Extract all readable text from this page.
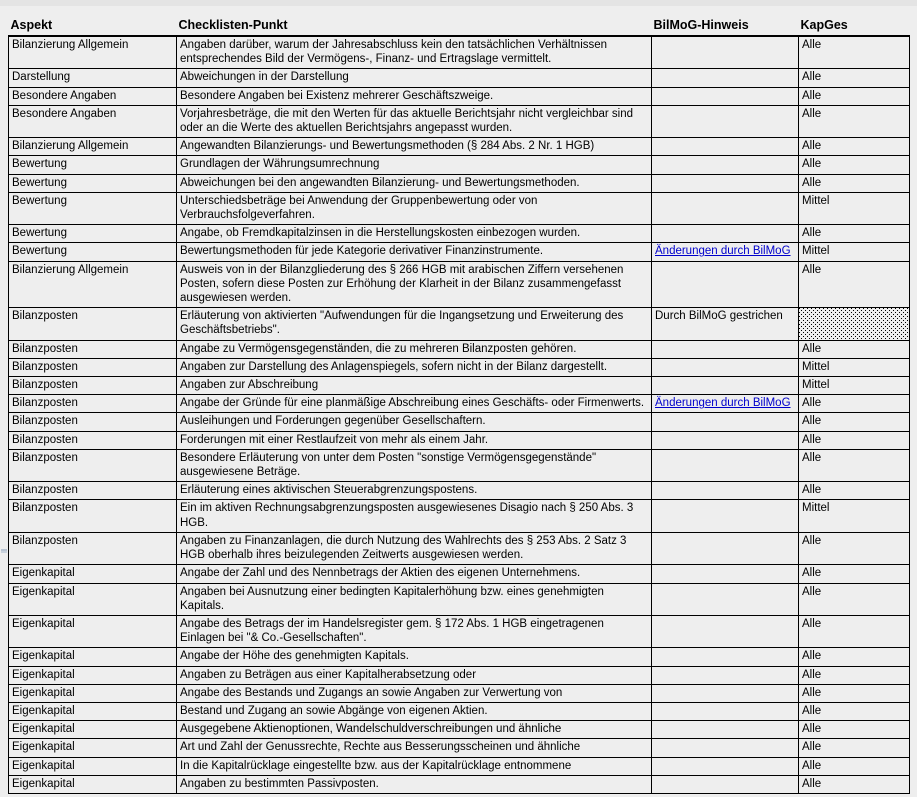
Aspekt	Checklisten-Punkt	BilMoG-Hinweis	KapGes
Bilanzierung Allgemein	Angaben darüber, warum der Jahresabschluss kein den tatsächlichen Verhältnissen entsprechendes Bild der Vermögens-, Finanz- und Ertragslage vermittelt.		Alle
Darstellung	Abweichungen in der Darstellung		Alle
Besondere Angaben	Besondere Angaben bei Existenz mehrerer Geschäftszweige.		Alle
Besondere Angaben	Vorjahresbeträge, die mit den Werten für das aktuelle Berichtsjahr nicht vergleichbar sind oder an die Werte des aktuellen Berichtsjahrs angepasst wurden.		Alle
Bilanzierung Allgemein	Angewandten Bilanzierungs- und Bewertungsmethoden (§ 284 Abs. 2 Nr. 1 HGB)		Alle
Bewertung	Grundlagen der Währungsumrechnung		Alle
Bewertung	Abweichungen bei den angewandten Bilanzierung- und Bewertungsmethoden.		Alle
Bewertung	Unterschiedsbeträge bei Anwendung der Gruppenbewertung oder von Verbrauchsfolgeverfahren.		Mittel
Bewertung	Angabe, ob Fremdkapitalzinsen in die Herstellungskosten einbezogen wurden.		Alle
Bewertung	Bewertungsmethoden für jede Kategorie derivativer Finanzinstrumente.	Änderungen durch BilMoG	Mittel
Bilanzierung Allgemein	Ausweis von in der Bilanzgliederung des § 266 HGB mit arabischen Ziffern versehenen Posten, sofern diese Posten zur Erhöhung der Klarheit in der Bilanz zusammengefasst ausgewiesen werden.		Alle
Bilanzposten	Erläuterung von aktivierten "Aufwendungen für die Ingangsetzung und Erweiterung des Geschäftsbetriebs".	Durch BilMoG gestrichen	
Bilanzposten	Angabe zu Vermögensgegenständen, die zu mehreren Bilanzposten gehören.		Alle
Bilanzposten	Angaben zur Darstellung des Anlagenspiegels, sofern nicht in der Bilanz dargestellt.		Mittel
Bilanzposten	Angaben zur Abschreibung		Mittel
Bilanzposten	Angabe der Gründe für eine planmäßige Abschreibung eines Geschäfts- oder Firmenwerts.	Änderungen durch BilMoG	Alle
Bilanzposten	Ausleihungen und Forderungen gegenüber Gesellschaftern.		Alle
Bilanzposten	Forderungen mit einer Restlaufzeit von mehr als einem Jahr.		Alle
Bilanzposten	Besondere Erläuterung von unter dem Posten "sonstige Vermögensgegenstände" ausgewiesene Beträge.		Alle
Bilanzposten	Erläuterung eines aktivischen Steuerabgrenzungspostens.		Alle
Bilanzposten	Ein im aktiven Rechnungsabgrenzungsposten ausgewiesenes Disagio nach § 250 Abs. 3 HGB.		Mittel
Bilanzposten	Angaben zu Finanzanlagen, die durch Nutzung des Wahlrechts des § 253 Abs. 2 Satz 3 HGB oberhalb ihres beizulegenden Zeitwerts ausgewiesen werden.		Alle
Eigenkapital	Angabe der Zahl und des Nennbetrags der Aktien des eigenen Unternehmens.		Alle
Eigenkapital	Angaben bei Ausnutzung einer bedingten Kapitalerhöhung bzw. eines genehmigten Kapitals.		Alle
Eigenkapital	Angabe des Betrags der im Handelsregister gem. § 172 Abs. 1 HGB eingetragenen Einlagen bei "& Co.-Gesellschaften".		Alle
Eigenkapital	Angabe der Höhe des genehmigten Kapitals.		Alle
Eigenkapital	Angaben zu Beträgen aus einer Kapitalherabsetzung oder		Alle
Eigenkapital	Angabe des Bestands und Zugangs an sowie Angaben zur Verwertung von		Alle
Eigenkapital	Bestand und Zugang an sowie Abgänge von eigenen Aktien.		Alle
Eigenkapital	Ausgegebene Aktienoptionen, Wandelschuldverschreibungen und ähnliche		Alle
Eigenkapital	Art und Zahl der Genussrechte, Rechte aus Besserungsscheinen und ähnliche		Alle
Eigenkapital	In die Kapitalrücklage eingestellte bzw. aus der Kapitalrücklage entnommene		Alle
Eigenkapital	Angaben zu bestimmten Passivposten.		Alle
